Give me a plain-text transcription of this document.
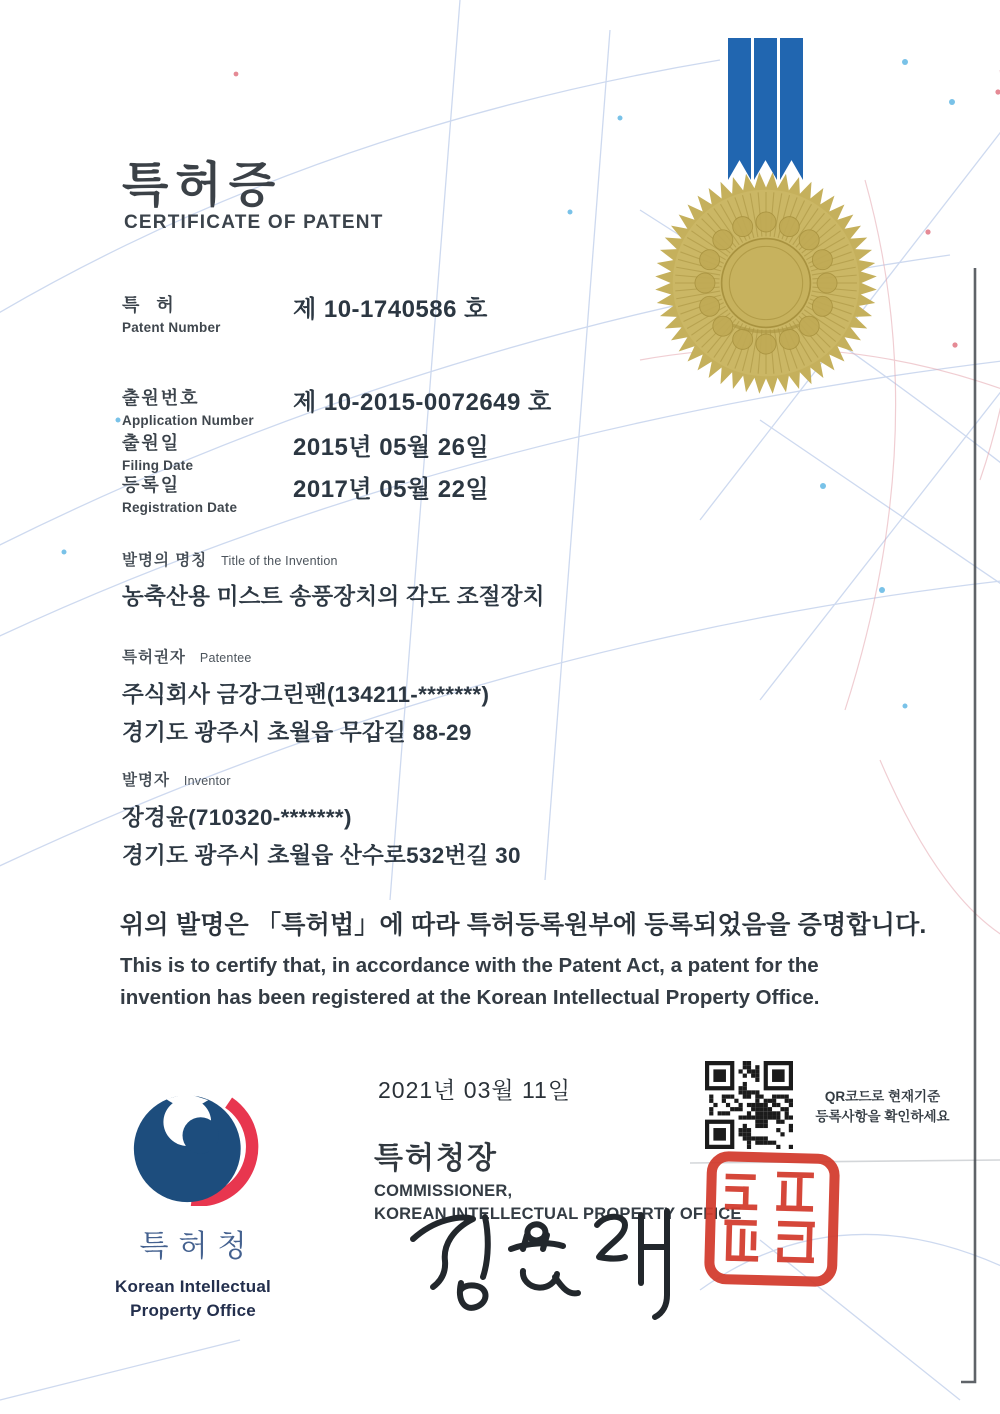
특허증
CERTIFICATE OF PATENT
특 허
Patent Number
제 10-1740586 호
출원번호
Application Number
제 10-2015-0072649 호
출원일
Filing Date
2015년 05월 26일
등록일
Registration Date
2017년 05월 22일
발명의 명칭 Title of the Invention
농축산용 미스트 송풍장치의 각도 조절장치
특허권자 Patentee
주식회사 금강그린팬(134211-*******)
경기도 광주시 초월읍 무갑길 88-29
발명자 Inventor
장경윤(710320-*******)
경기도 광주시 초월읍 산수로532번길 30
위의 발명은 「특허법」에 따라 특허등록원부에 등록되었음을 증명합니다.
This is to certify that, in accordance with the Patent Act, a patent for the
invention has been registered at the Korean Intellectual Property Office.
2021년 03월 11일	QR코드로 현재기준
등록사항을 확인하세요
특허청장
COMMISSIONER,
KOREAN INTELLECTUAL PROPERTY OFFICE
특허청
Korean Intellectual
Property Office
